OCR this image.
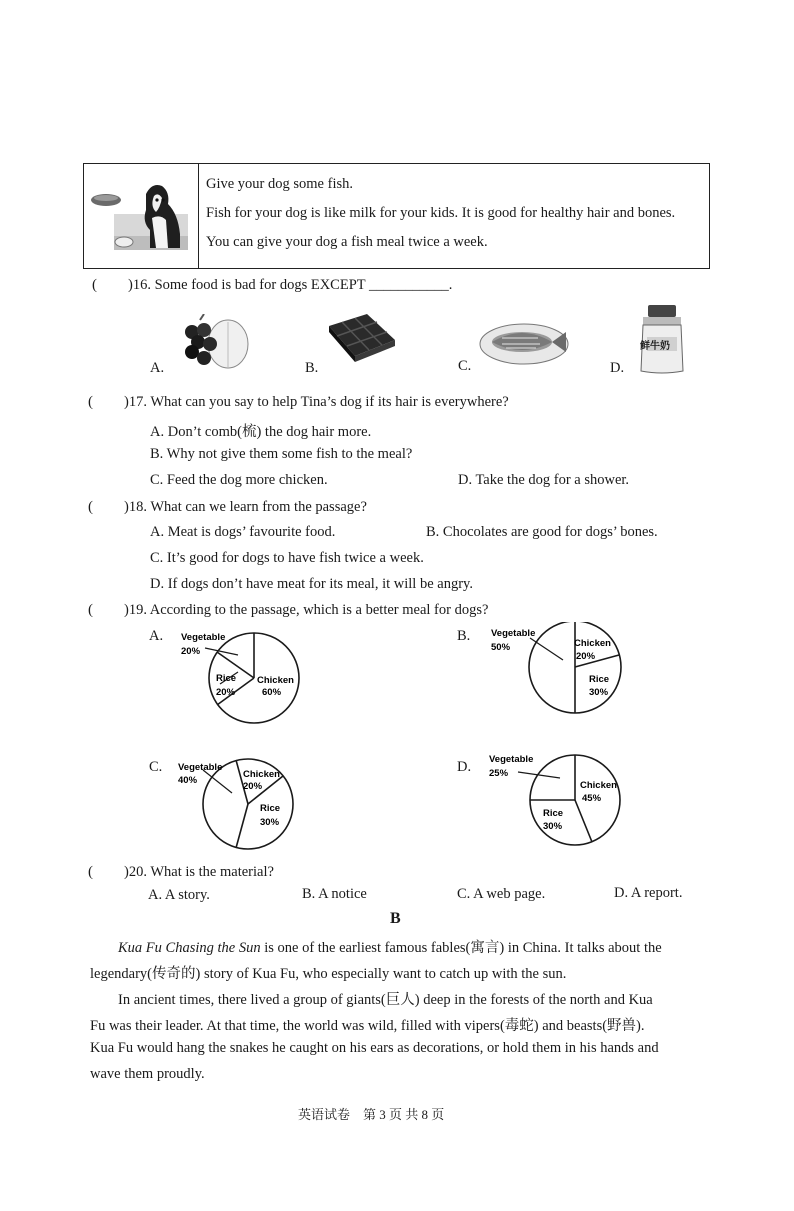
Give your dog some fish.
Fish for your dog is like milk for your kids. It is good for healthy hair and bones.
You can give your dog a fish meal twice a week.
( )16. Some food is bad for dogs EXCEPT ___________.
A.	B.	C.	D.
鲜牛奶
( )17. What can you say to help Tina’s dog if its hair is everywhere?
A. Don’t comb(梳) the dog hair more.
B. Why not give them some fish to the meal?
C. Feed the dog more chicken.	D. Take the dog for a shower.
( )18. What can we learn from the passage?
A. Meat is dogs’ favourite food.	B. Chocolates are good for dogs’ bones.
C. It’s good for dogs to have fish twice a week.
D. If dogs don’t have meat for its meal, it will be angry.
( )19. According to the passage, which is a better meal for dogs?
A.	B.
C.	D.
Vegetable
20%
Rice
20%
Chicken
60%
Vegetable
50%	Chicken
20%
Rice
30%
Vegetable
40%
Chicken
20%
Rice
30%
Vegetable
25%
Chicken
45%
Rice
30%
( )20. What is the material?
A. A story.	B. A notice	C. A web page.	D. A report.
B
Kua Fu Chasing the Sun is one of the earliest famous fables(寓言) in China. It talks about the
legendary(传奇的) story of Kua Fu, who especially want to catch up with the sun.
In ancient times, there lived a group of giants(巨人) deep in the forests of the north and Kua
Fu was their leader. At that time, the world was wild, filled with vipers(毒蛇) and beasts(野兽).
Kua Fu would hang the snakes he caught on his ears as decorations, or hold them in his hands and
wave them proudly.
英语试卷    第 3 页 共 8 页
